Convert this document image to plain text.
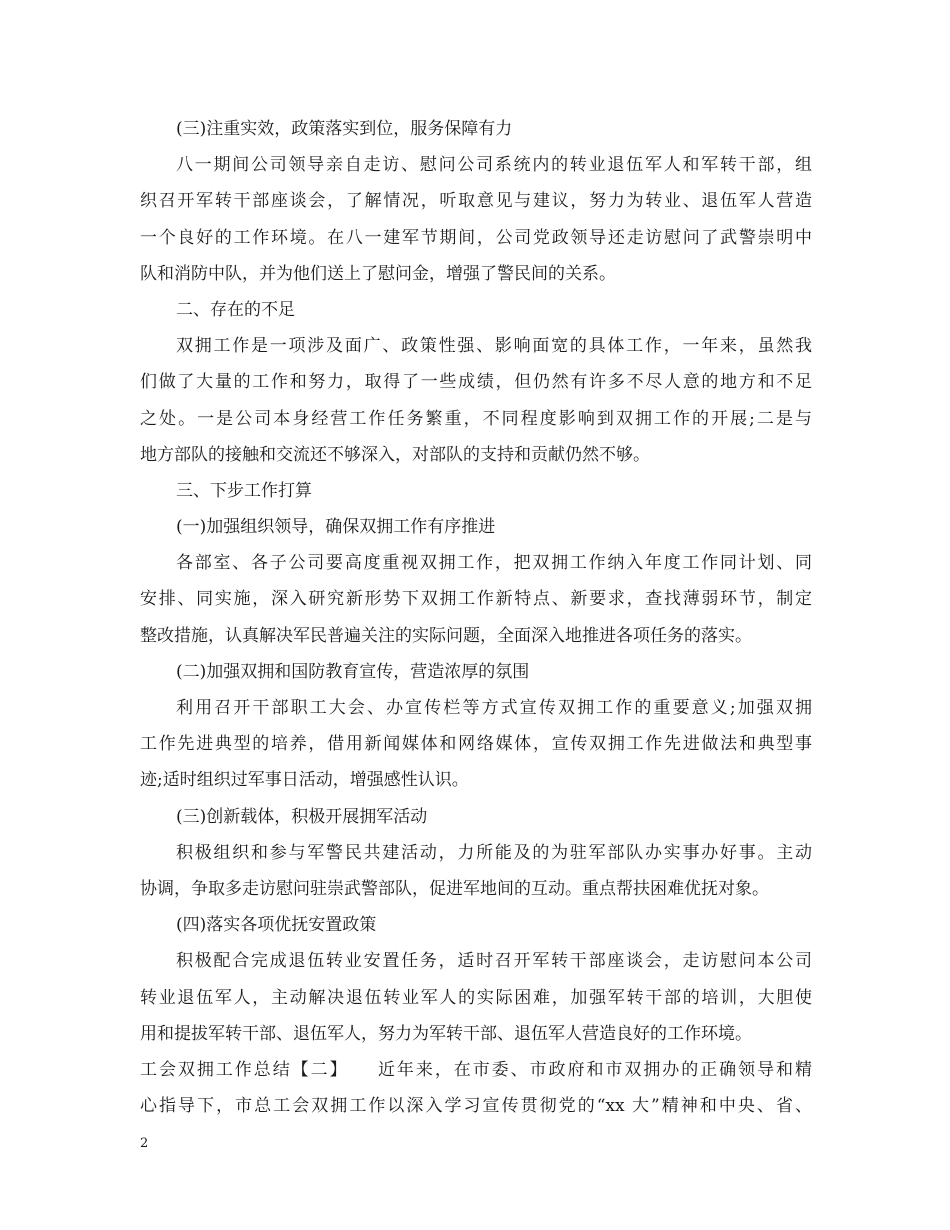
(三)注重实效，政策落实到位，服务保障有力
八一期间公司领导亲自走访、慰问公司系统内的转业退伍军人和军转干部，组
织召开军转干部座谈会，了解情况，听取意见与建议，努力为转业、退伍军人营造
一个良好的工作环境。在八一建军节期间，公司党政领导还走访慰问了武警崇明中
队和消防中队，并为他们送上了慰问金，增强了警民间的关系。
二、存在的不足
双拥工作是一项涉及面广、政策性强、影响面宽的具体工作，一年来，虽然我
们做了大量的工作和努力，取得了一些成绩，但仍然有许多不尽人意的地方和不足
之处。一是公司本身经营工作任务繁重，不同程度影响到双拥工作的开展;二是与
地方部队的接触和交流还不够深入，对部队的支持和贡献仍然不够。
三、下步工作打算
(一)加强组织领导，确保双拥工作有序推进
各部室、各子公司要高度重视双拥工作，把双拥工作纳入年度工作同计划、同
安排、同实施，深入研究新形势下双拥工作新特点、新要求，查找薄弱环节，制定
整改措施，认真解决军民普遍关注的实际问题，全面深入地推进各项任务的落实。
(二)加强双拥和国防教育宣传，营造浓厚的氛围
利用召开干部职工大会、办宣传栏等方式宣传双拥工作的重要意义;加强双拥
工作先进典型的培养，借用新闻媒体和网络媒体，宣传双拥工作先进做法和典型事
迹;适时组织过军事日活动，增强感性认识。
(三)创新载体，积极开展拥军活动
积极组织和参与军警民共建活动，力所能及的为驻军部队办实事办好事。主动
协调，争取多走访慰问驻崇武警部队，促进军地间的互动。重点帮扶困难优抚对象。
(四)落实各项优抚安置政策
积极配合完成退伍转业安置任务，适时召开军转干部座谈会，走访慰问本公司
转业退伍军人，主动解决退伍转业军人的实际困难，加强军转干部的培训，大胆使
用和提拔军转干部、退伍军人，努力为军转干部、退伍军人营造良好的工作环境。
工会双拥工作总结【二】　　近年来，在市委、市政府和市双拥办的正确领导和精
心指导下，市总工会双拥工作以深入学习宣传贯彻党的“xx 大”精神和中央、省、
2
